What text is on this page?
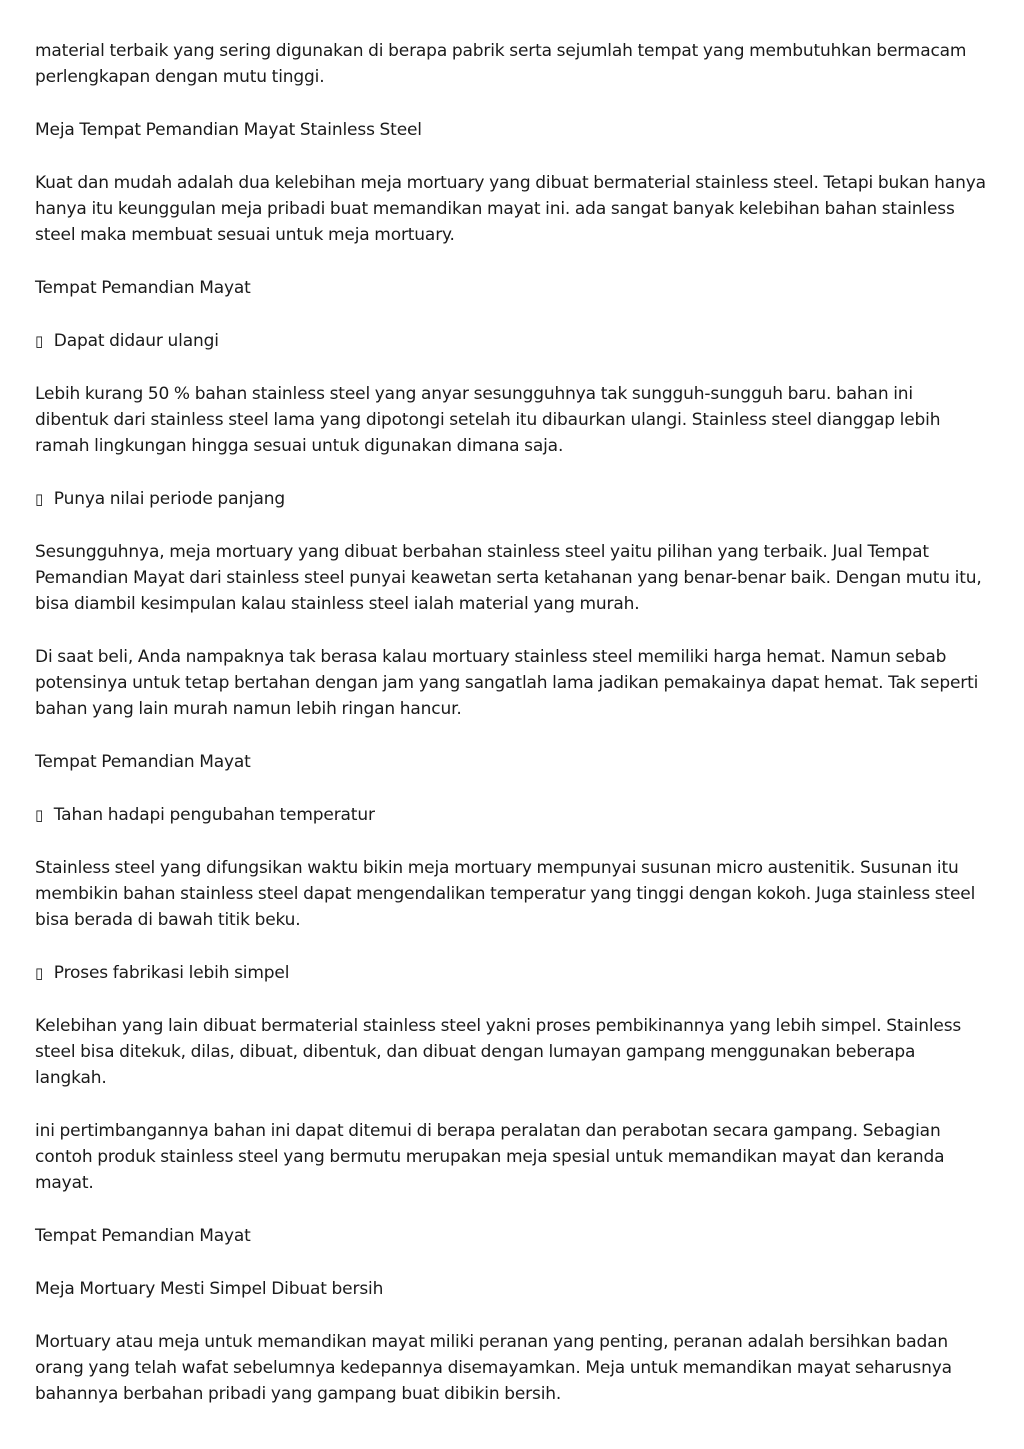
material terbaik yang sering digunakan di berapa pabrik serta sejumlah tempat yang membutuhkan bermacam perlengkapan dengan mutu tinggi.

Meja Tempat Pemandian Mayat Stainless Steel

Kuat dan mudah adalah dua kelebihan meja mortuary yang dibuat bermaterial stainless steel. Tetapi bukan hanya hanya itu keunggulan meja pribadi buat memandikan mayat ini. ada sangat banyak kelebihan bahan stainless steel maka membuat sesuai untuk meja mortuary.

Tempat Pemandian Mayat

▯ Dapat didaur ulangi

Lebih kurang 50 % bahan stainless steel yang anyar sesungguhnya tak sungguh-sungguh baru. bahan ini dibentuk dari stainless steel lama yang dipotongi setelah itu dibaurkan ulangi. Stainless steel dianggap lebih ramah lingkungan hingga sesuai untuk digunakan dimana saja.

▯ Punya nilai periode panjang

Sesungguhnya, meja mortuary yang dibuat berbahan stainless steel yaitu pilihan yang terbaik. Jual Tempat Pemandian Mayat dari stainless steel punyai keawetan serta ketahanan yang benar-benar baik. Dengan mutu itu, bisa diambil kesimpulan kalau stainless steel ialah material yang murah.

Di saat beli, Anda nampaknya tak berasa kalau mortuary stainless steel memiliki harga hemat. Namun sebab potensinya untuk tetap bertahan dengan jam yang sangatlah lama jadikan pemakainya dapat hemat. Tak seperti bahan yang lain murah namun lebih ringan hancur.

Tempat Pemandian Mayat

▯ Tahan hadapi pengubahan temperatur

Stainless steel yang difungsikan waktu bikin meja mortuary mempunyai susunan micro austenitik. Susunan itu membikin bahan stainless steel dapat mengendalikan temperatur yang tinggi dengan kokoh. Juga stainless steel bisa berada di bawah titik beku.

▯ Proses fabrikasi lebih simpel

Kelebihan yang lain dibuat bermaterial stainless steel yakni proses pembikinannya yang lebih simpel. Stainless steel bisa ditekuk, dilas, dibuat, dibentuk, dan dibuat dengan lumayan gampang menggunakan beberapa langkah.

ini pertimbangannya bahan ini dapat ditemui di berapa peralatan dan perabotan secara gampang. Sebagian contoh produk stainless steel yang bermutu merupakan meja spesial untuk memandikan mayat dan keranda mayat.

Tempat Pemandian Mayat

Meja Mortuary Mesti Simpel Dibuat bersih

Mortuary atau meja untuk memandikan mayat miliki peranan yang penting, peranan adalah bersihkan badan orang yang telah wafat sebelumnya kedepannya disemayamkan. Meja untuk memandikan mayat seharusnya bahannya berbahan pribadi yang gampang buat dibikin bersih.
